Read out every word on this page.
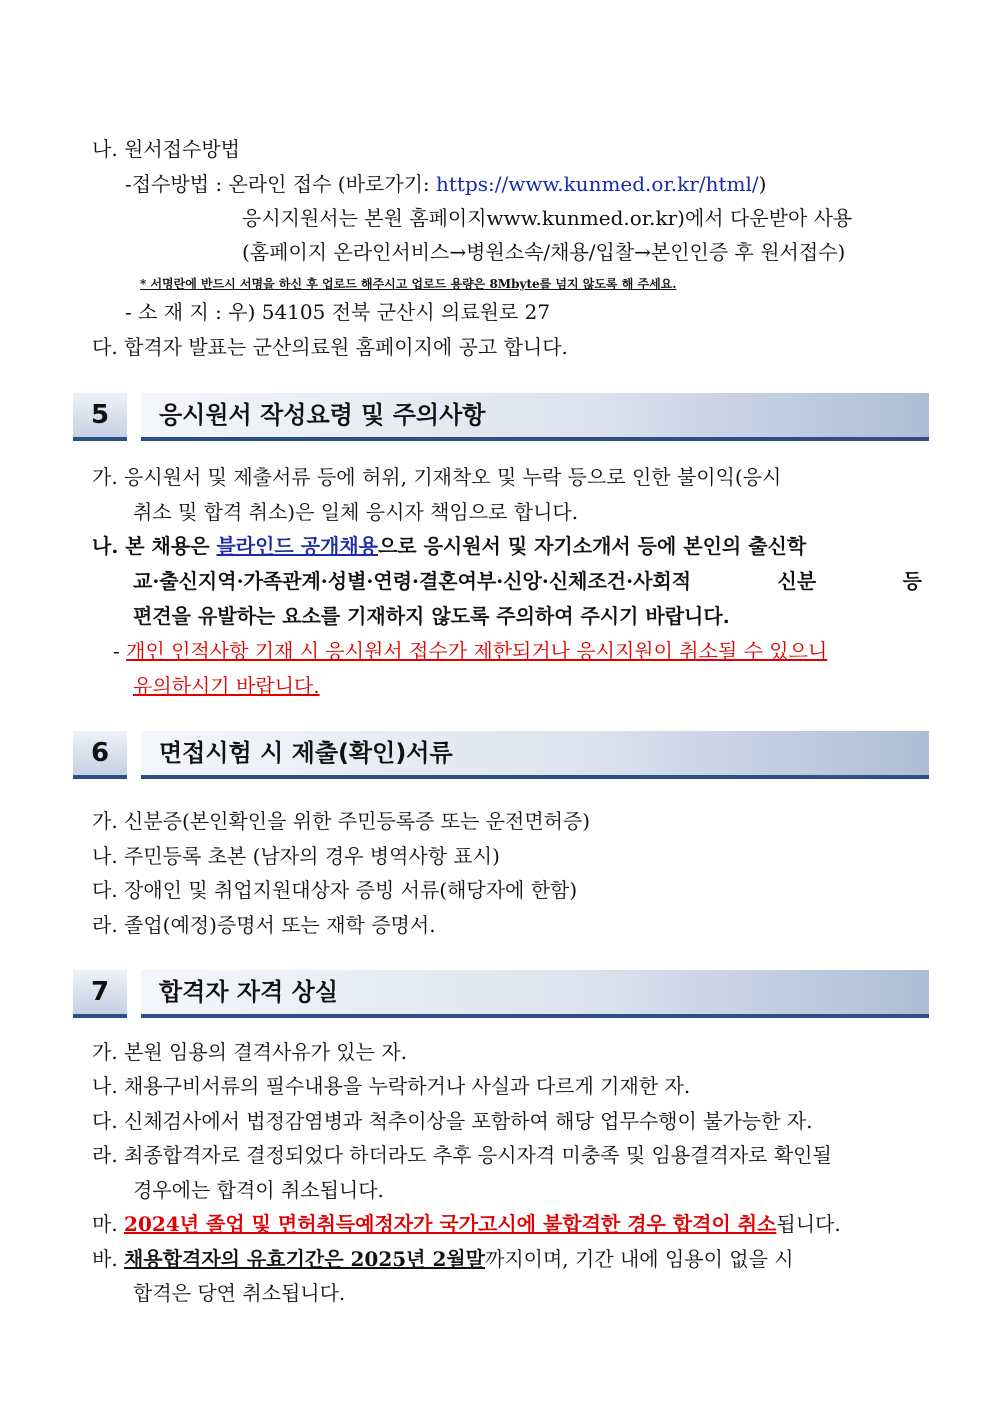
나. 원서접수방법
-접수방법 : 온라인 접수 (바로가기: https://www.kunmed.or.kr/html/)
응시지원서는 본원 홈페이지www.kunmed.or.kr)에서 다운받아 사용
(홈페이지 온라인서비스→병원소속/채용/입찰→본인인증 후 원서접수)
* 서명란에 반드시 서명을 하신 후 업로드 해주시고 업로드 용량은 8Mbyte를 넘지 않도록 해 주세요.
- 소 재 지 : 우) 54105 전북 군산시 의료원로 27
다. 합격자 발표는 군산의료원 홈페이지에 공고 합니다.
5	응시원서 작성요령 및 주의사항
가. 응시원서 및 제출서류 등에 허위, 기재착오 및 누락 등으로 인한 불이익(응시
취소 및 합격 취소)은 일체 응시자 책임으로 합니다.
나. 본 채용은 블라인드 공개채용으로 응시원서 및 자기소개서 등에 본인의 출신학
교·출신지역·가족관계·성별·연령·결혼여부·신앙·신체조건·사회적 신분 등
편견을 유발하는 요소를 기재하지 않도록 주의하여 주시기 바랍니다.
- 개인 인적사항 기재 시 응시원서 접수가 제한되거나 응시지원이 취소될 수 있으니
유의하시기 바랍니다.
6	면접시험 시 제출(확인)서류
가. 신분증(본인확인을 위한 주민등록증 또는 운전면허증)
나. 주민등록 초본 (남자의 경우 병역사항 표시)
다. 장애인 및 취업지원대상자 증빙 서류(해당자에 한함)
라. 졸업(예정)증명서 또는 재학 증명서.
7	합격자 자격 상실
가. 본원 임용의 결격사유가 있는 자.
나. 채용구비서류의 필수내용을 누락하거나 사실과 다르게 기재한 자.
다. 신체검사에서 법정감염병과 척추이상을 포함하여 해당 업무수행이 불가능한 자.
라. 최종합격자로 결정되었다 하더라도 추후 응시자격 미충족 및 임용결격자로 확인될
경우에는 합격이 취소됩니다.
마. 2024년 졸업 및 면허취득예정자가 국가고시에 불합격한 경우 합격이 취소됩니다.
바. 채용합격자의 유효기간은 2025년 2월말까지이며, 기간 내에 임용이 없을 시
합격은 당연 취소됩니다.
